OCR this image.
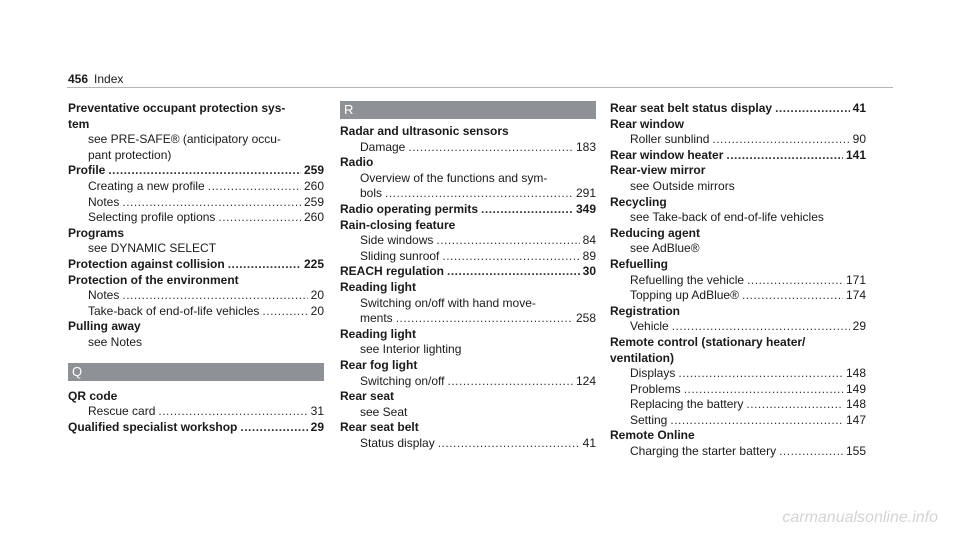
456 Index
Preventative occupant protection sys-
tem
see PRE-SAFE® (anticipatory occu-
pant protection)
Profile .....	259
Creating a new profile .....	260
Notes .....	259
Selecting profile options .....	260
Programs
see DYNAMIC SELECT
Protection against collision .....	225
Protection of the environment
Notes .....	20
Take-back of end-of-life vehicles .....	20
Pulling away
see Notes
Q
QR code
Rescue card .....	31
Qualified specialist workshop .....	29
R
Radar and ultrasonic sensors
Damage .....	183
Radio
Overview of the functions and sym-
bols .....	291
Radio operating permits .....	349
Rain-closing feature
Side windows .....	84
Sliding sunroof .....	89
REACH regulation .....	30
Reading light
Switching on/off with hand move-
ments .....	258
Reading light
see Interior lighting
Rear fog light
Switching on/off .....	124
Rear seat
see Seat
Rear seat belt
Status display .....	41
Rear seat belt status display .....	41
Rear window
Roller sunblind .....	90
Rear window heater .....	141
Rear-view mirror
see Outside mirrors
Recycling
see Take-back of end-of-life vehicles
Reducing agent
see AdBlue®
Refuelling
Refuelling the vehicle .....	171
Topping up AdBlue® .....	174
Registration
Vehicle .....	29
Remote control (stationary heater/
ventilation)
Displays .....	148
Problems .....	149
Replacing the battery .....	148
Setting .....	147
Remote Online
Charging the starter battery .....	155
carmanualsonline.info
